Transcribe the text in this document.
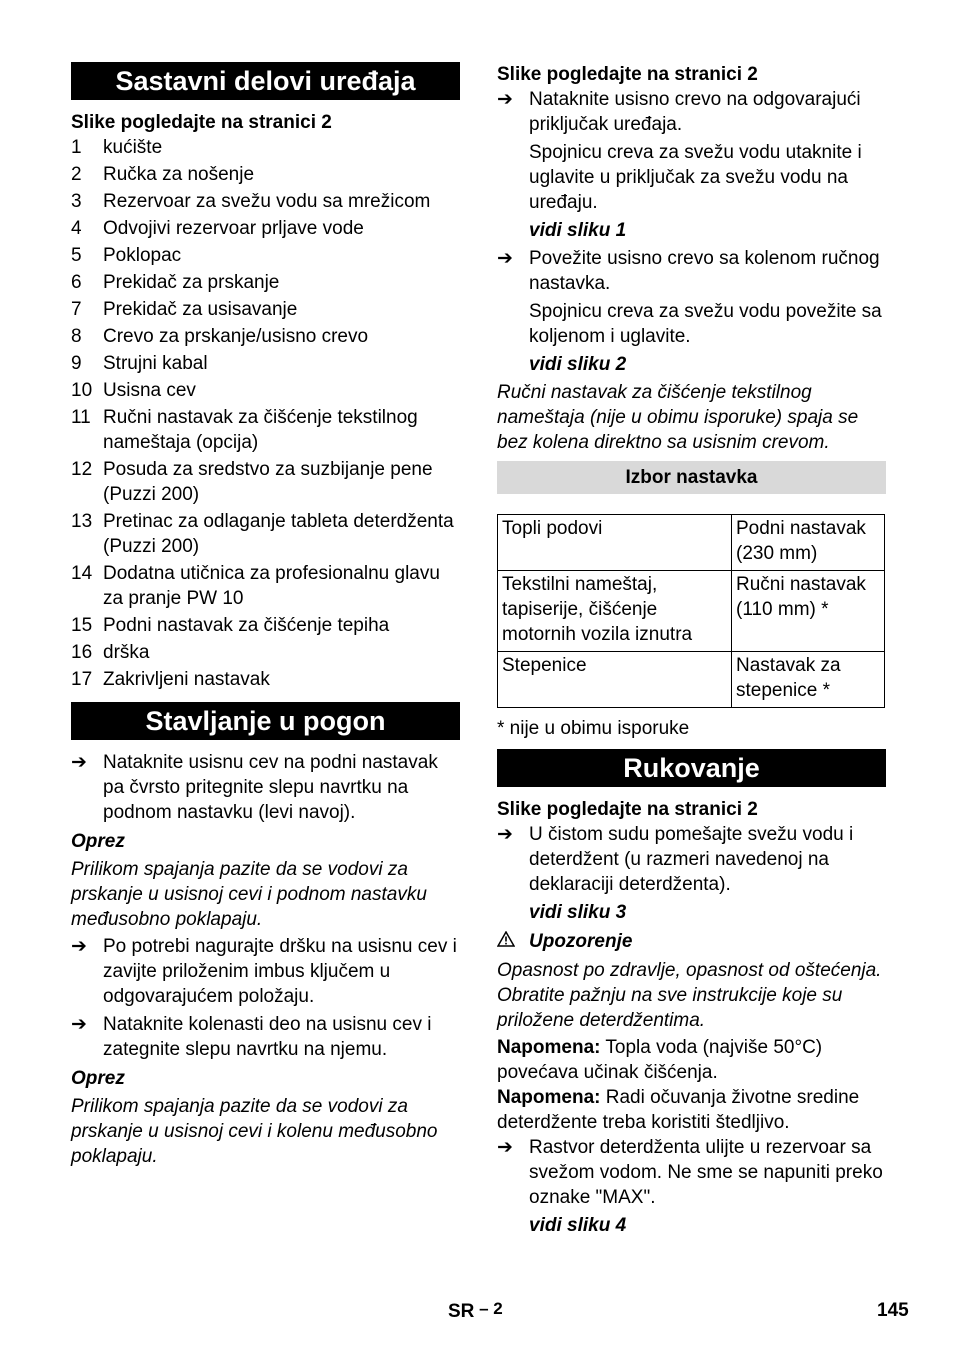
Sastavni delovi uređaja

Slike pogledajte na stranici 2

1	kućište
2	Ručka za nošenje
3	Rezervoar za svežu vodu sa mrežicom
4	Odvojivi rezervoar prljave vode
5	Poklopac
6	Prekidač za prskanje
7	Prekidač za usisavanje
8	Crevo za prskanje/usisno crevo
9	Strujni kabal
10 Usisna cev
11 Ručni nastavak za čišćenje tekstilnog nameštaja (opcija)
12 Posuda za sredstvo za suzbijanje pene (Puzzi 200)
13 Pretinac za odlaganje tableta deterdženta (Puzzi 200)
14 Dodatna utičnica za profesionalnu glavu za pranje PW 10
15 Podni nastavak za čišćenje tepiha
16 drška
17 Zakrivljeni nastavak
Stavljanje u pogon
➔ Nataknite usisnu cev na podni nastavak pa čvrsto pritegnite slepu navrtku na podnom nastavku (levi navoj).
Oprez
Prilikom spajanja pazite da se vodovi za prskanje u usisnoj cevi i podnom nastavku međusobno poklapaju.
➔ Po potrebi nagurajte dršku na usisnu cev i zavijte priloženim imbus ključem u odgovarajućem položaju.
➔ Nataknite kolenasti deo na usisnu cev i zategnite slepu navrtku na njemu.
Oprez
Prilikom spajanja pazite da se vodovi za prskanje u usisnoj cevi i kolenu međusobno poklapaju.

Slike pogledajte na stranici 2

➔ Nataknite usisno crevo na odgovarajući priključak uređaja.
Spojnicu creva za svežu vodu utaknite i uglavite u priključak za svežu vodu na uređaju.
vidi sliku 1
➔ Povežite usisno crevo sa kolenom ručnog nastavka.
Spojnicu creva za svežu vodu povežite sa koljenom i uglavite.
vidi sliku 2
Ručni nastavak za čišćenje tekstilnog nameštaja (nije u obimu isporuke) spaja se bez kolena direktno sa usisnim crevom.
Izbor nastavka
Topli podovi	Podni nastavak (230 mm)
Tekstilni nameštaj, tapiserije, čišćenje motornih vozila iznutra	Ručni nastavak (110 mm) *
Stepenice	Nastavak za stepenice *
* nije u obimu isporuke
Rukovanje

Slike pogledajte na stranici 2

➔ U čistom sudu pomešajte svežu vodu i deterdžent (u razmeri navedenoj na deklaraciji deterdženta).
vidi sliku 3
Upozorenje
Opasnost po zdravlje, opasnost od oštećenja. Obratite pažnju na sve instrukcije koje su priložene deterdžentima.
Napomena: Topla voda (najviše 50°C) povećava učinak čišćenja.
Napomena: Radi očuvanja životne sredine deterdžente treba koristiti štedljivo.
➔ Rastvor deterdženta ulijte u rezervoar sa svežom vodom. Ne sme se napuniti preko oznake "MAX".
vidi sliku 4
SR – 2	145
